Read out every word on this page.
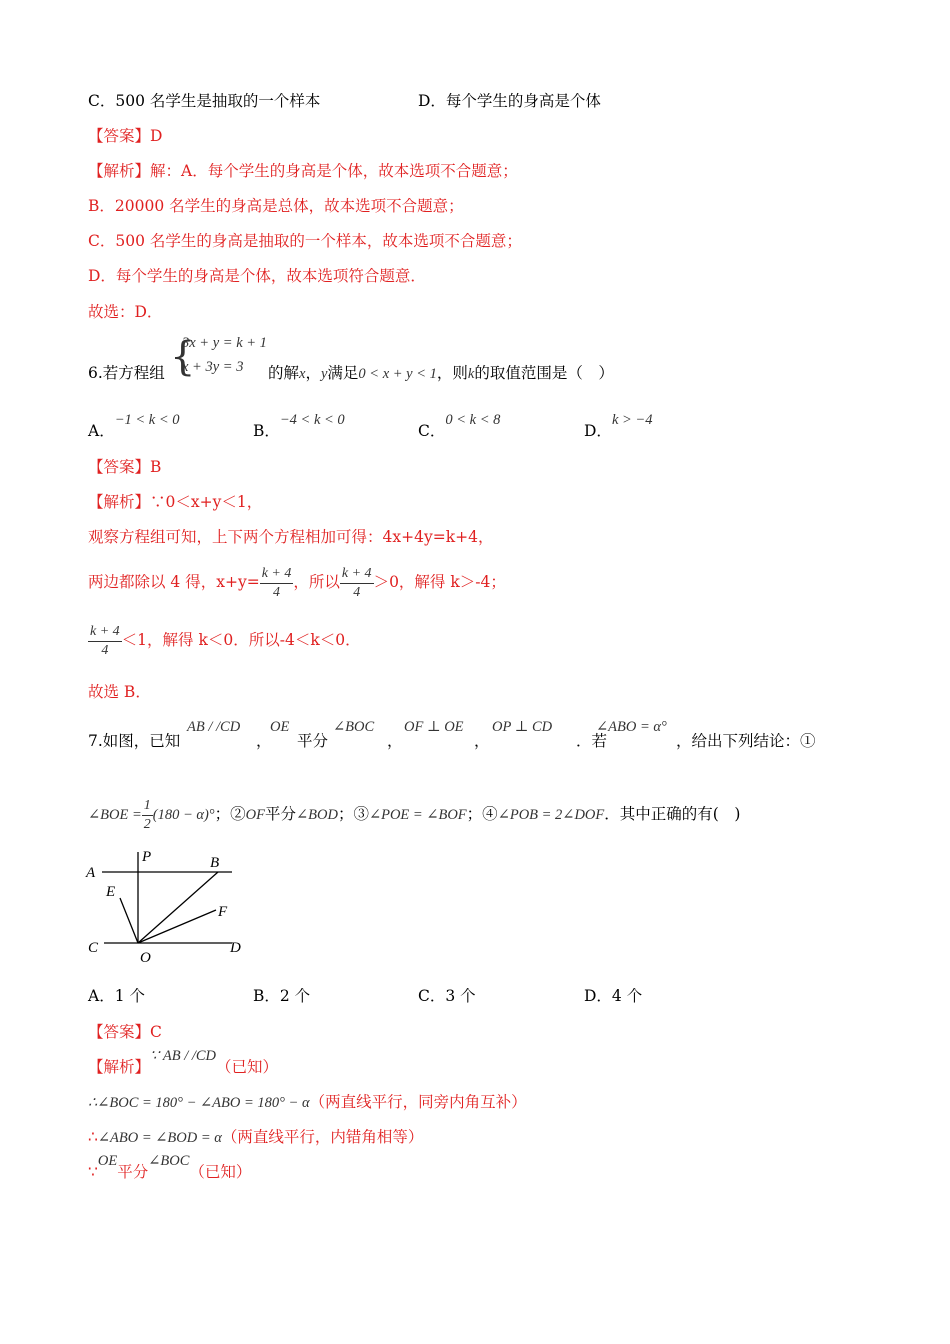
C．500 名学生是抽取的一个样本	D．每个学生的身高是个体
【答案】D
【解析】解：A．每个学生的身高是个体，故本选项不合题意；
B．20000 名学生的身高是总体，故本选项不合题意；
C．500 名学生的身高是抽取的一个样本，故本选项不合题意；
D．每个学生的身高是个体，故本选项符合题意．
故选：D．
{
3x + y = k + 1
x + 3y = 3
6.若方程组	的解x，y满足0 < x + y < 1，则k的取值范围是（　）
A．−1 < k < 0
B．−4 < k < 0
C．0 < k < 8
D．k > −4
【答案】B
【解析】∵0＜x+y＜1，
观察方程组可知，上下两个方程相加可得：4x+4y=k+4，
两边都除以 4 得，$x+y= \frac{k + 4}{4}$ ，所以 $\frac{k + 4}{4} >0$，解得 k＞-4；
$\frac{k + 4}{4} <1$，解得 k＜0．所以-4＜k＜0．
故选 B．
7.如图，已知
AB / /CD
，
OE
平分
∠BOC
，
OF ⊥ OE
，
OP ⊥ CD
．若
∠ABO = α°
，给出下列结论：①
∠BOE = $\frac{1}{2} (180 - \alpha)^\circ$；②OF平分∠BOD；③∠POE = ∠BOF；④∠POB = 2∠DOF．其中正确的有(　)
A
P	B
E
F
C
O
D
A．1 个	B．2 个	C．3 个	D．4 个
【答案】C
【解析】∵ AB / /CD（已知）
∴∠BOC = 180° − ∠ABO = 180° − α（两直线平行，同旁内角互补）
∴∠ABO = ∠BOD = α（两直线平行，内错角相等）
∵OE平分∠BOC（已知）
